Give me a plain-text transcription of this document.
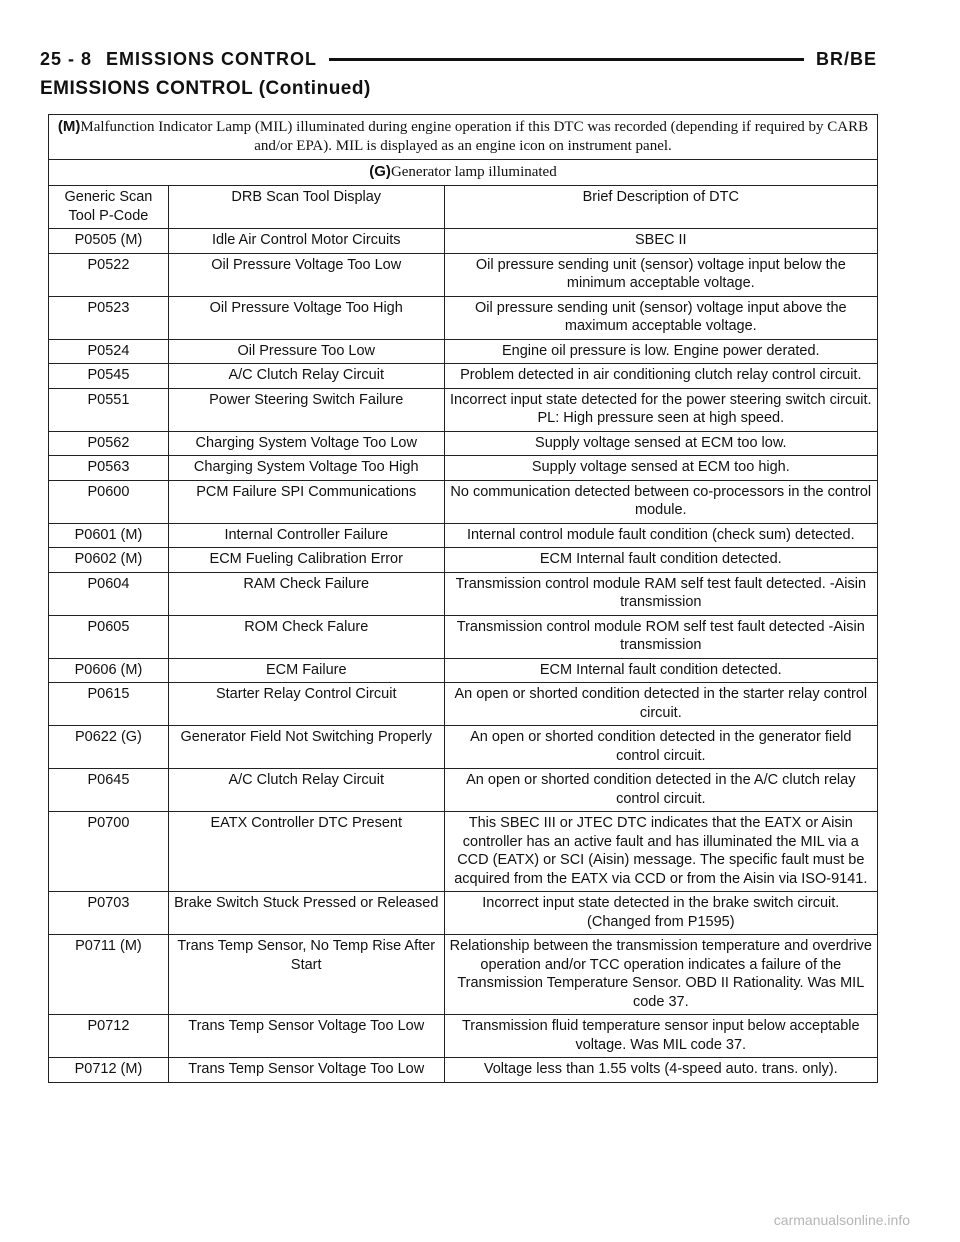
25 - 8 EMISSIONS CONTROL	BR/BE
EMISSIONS CONTROL (Continued)
(M)Malfunction Indicator Lamp (MIL) illuminated during engine operation if this DTC was recorded (depending if required by CARB and/or EPA). MIL is displayed as an engine icon on instrument panel.		
(G)Generator lamp illuminated		
Generic Scan Tool P-Code	DRB Scan Tool Display	Brief Description of DTC
P0505 (M)	Idle Air Control Motor Circuits	SBEC II
P0522	Oil Pressure Voltage Too Low	Oil pressure sending unit (sensor) voltage input below the minimum acceptable voltage.
P0523	Oil Pressure Voltage Too High	Oil pressure sending unit (sensor) voltage input above the maximum acceptable voltage.
P0524	Oil Pressure Too Low	Engine oil pressure is low. Engine power derated.
P0545	A/C Clutch Relay Circuit	Problem detected in air conditioning clutch relay control circuit.
P0551	Power Steering Switch Failure	Incorrect input state detected for the power steering switch circuit. PL: High pressure seen at high speed.
P0562	Charging System Voltage Too Low	Supply voltage sensed at ECM too low.
P0563	Charging System Voltage Too High	Supply voltage sensed at ECM too high.
P0600	PCM Failure SPI Communications	No communication detected between co-processors in the control module.
P0601 (M)	Internal Controller Failure	Internal control module fault condition (check sum) detected.
P0602 (M)	ECM Fueling Calibration Error	ECM Internal fault condition detected.
P0604	RAM Check Failure	Transmission control module RAM self test fault detected. -Aisin transmission
P0605	ROM Check Falure	Transmission control module ROM self test fault detected -Aisin transmission
P0606 (M)	ECM Failure	ECM Internal fault condition detected.
P0615	Starter Relay Control Circuit	An open or shorted condition detected in the starter relay control circuit.
P0622 (G)	Generator Field Not Switching Properly	An open or shorted condition detected in the generator field control circuit.
P0645	A/C Clutch Relay Circuit	An open or shorted condition detected in the A/C clutch relay control circuit.
P0700	EATX Controller DTC Present	This SBEC III or JTEC DTC indicates that the EATX or Aisin controller has an active fault and has illuminated the MIL via a CCD (EATX) or SCI (Aisin) message. The specific fault must be acquired from the EATX via CCD or from the Aisin via ISO-9141.
P0703	Brake Switch Stuck Pressed or Released	Incorrect input state detected in the brake switch circuit. (Changed from P1595)
P0711 (M)	Trans Temp Sensor, No Temp Rise After Start	Relationship between the transmission temperature and overdrive operation and/or TCC operation indicates a failure of the Transmission Temperature Sensor. OBD II Rationality. Was MIL code 37.
P0712	Trans Temp Sensor Voltage Too Low	Transmission fluid temperature sensor input below acceptable voltage. Was MIL code 37.
P0712 (M)	Trans Temp Sensor Voltage Too Low	Voltage less than 1.55 volts (4-speed auto. trans. only).
carmanualsonline.info
